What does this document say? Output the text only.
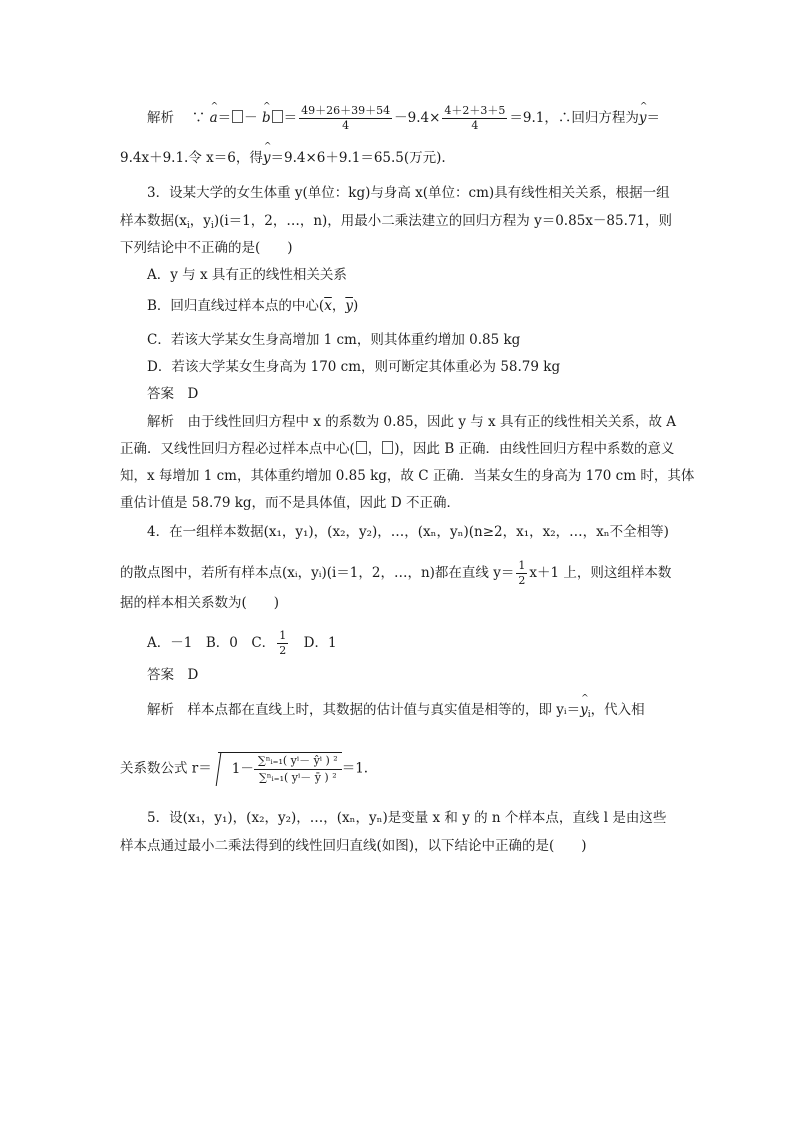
解析　 ∵ ^ a＝ － ^ $b = \frac{49+26+39+54}{4} -9.4\times \frac{4+2+3+5}{4} =9.1$，∴回归方程为^ y＝
9.4x＋9.1.令 x＝6，得^ y＝9.4×6＋9.1＝65.5(万元).
3．设某大学的女生体重 y(单位：kg)与身高 x(单位：cm)具有线性相关关系，根据一组
样本数据($x_i$，$y_i)(i=1$，2，…，n)，用最小二乘法建立的回归方程为 y＝0.85x－85.71，则
下列结论中不正确的是(　　)
A．y 与 x 具有正的线性相关关系
B．回归直线过样本点的中心($\overline{x}$，$\overline{y}$)
C．若该大学某女生身高增加 1 cm，则其体重约增加 0.85 kg
D．若该大学某女生身高为 170 cm，则可断定其体重必为 58.79 kg
答案　D
解析　由于线性回归方程中 x 的系数为 0.85，因此 y 与 x 具有正的线性相关关系，故 A
正确．又线性回归方程必过样本点中心( ， )，因此 B 正确．由线性回归方程中系数的意义
知，x 每增加 1 cm，其体重约增加 0.85 kg，故 C 正确．当某女生的身高为 170 cm 时，其体
重估计值是 58.79 kg，而不是具体值，因此 D 不正确．
4．在一组样本数据(x₁，y₁)，(x₂，y₂)，…，(xₙ，yₙ)(n≥2，x₁，x₂，…，xₙ不全相等)
的散点图中，若所有样本点(xᵢ，yᵢ)(i＝1，2，…，n)都在直线 $y= \frac{1}{2} x+1$ 上，则这组样本数
据的样本相关系数为(　　)
A．－1　B．0　C． $\frac{1}{2}$ 　D．1
答案　D
解析　样本点都在直线上时，其数据的估计值与真实值是相等的，即 yᵢ＝^ $y_i$，代入相
关系数公式 $r= 1- \frac{\text{∑ⁿᵢ₌₁( yⁱ－ ŷⁱ ) ²}}{\text{∑ⁿᵢ₌₁( yⁱ－ ȳ ) ²}} =1$.
5．设(x₁，y₁)，(x₂，y₂)，…，(xₙ，yₙ)是变量 x 和 y 的 n 个样本点，直线 l 是由这些
样本点通过最小二乘法得到的线性回归直线(如图)，以下结论中正确的是(　　)
